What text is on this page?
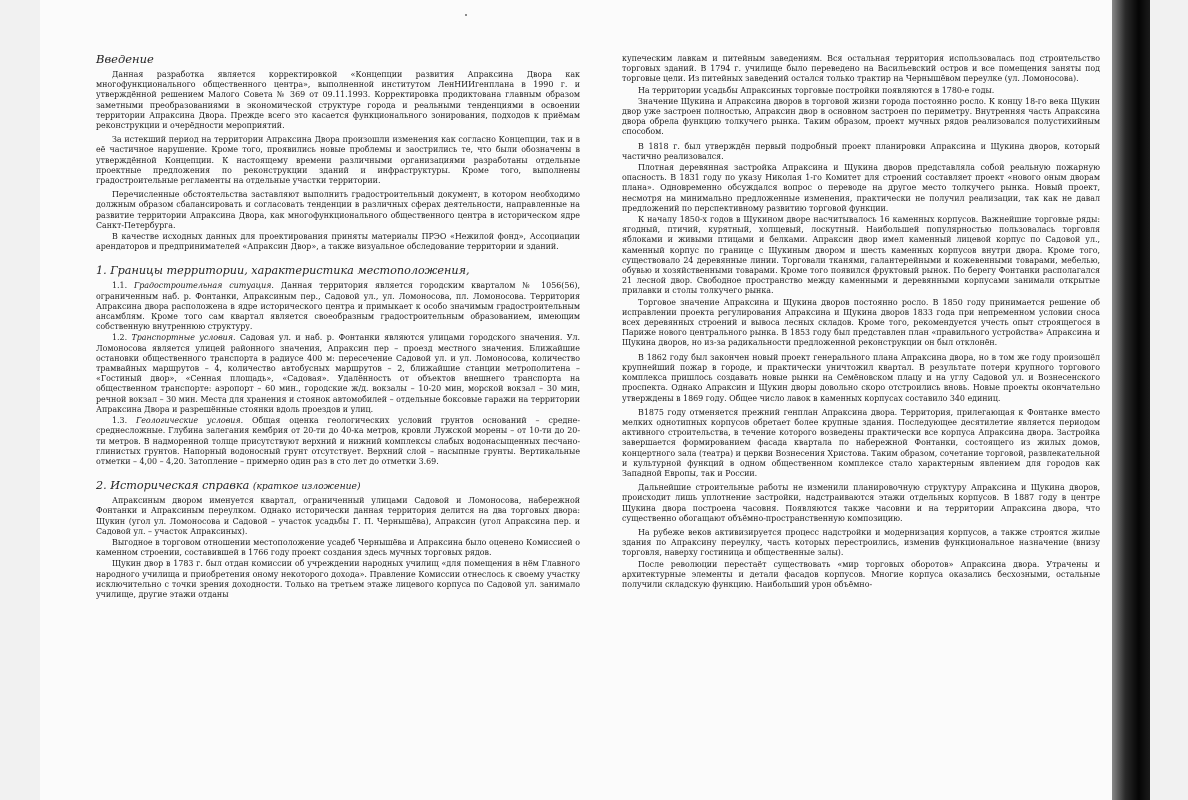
Введение

Данная разработка является корректировкой «Концепции развития Апраксина Двора как многофункционального общественного центра», выполненной институтом ЛенНИИгенплана в 1990 г. и утверждённой решением Малого Совета № 369 от 09.11.1993. Корректировка продиктована главным образом заметными преобразованиями в экономической структуре города и реальными тенденциями в освоении территории Апраксина Двора. Прежде всего это касается функционального зонирования, подходов к приёмам реконструкции и очерёдности мероприятий.

За истекший период на территории Апраксина Двора произошли изменения как согласно Концепции, так и в её частичное нарушение. Кроме того, проявились новые проблемы и заострились те, что были обозначены в утверждённой Концепции. К настоящему времени различными организациями разработаны отдельные проектные предложения по реконструкции зданий и инфраструктуры. Кроме того, выполнены градостроительные регламенты на отдельные участки территории.

Перечисленные обстоятельства заставляют выполнить градостроительный документ, в котором необходимо должным образом сбалансировать и согласовать тенденции в различных сферах деятельности, направленные на развитие территории Апраксина Двора, как многофункционального общественного центра в историческом ядре Санкт-Петербурга.

В качестве исходных данных для проектирования приняты материалы ПРЭО «Нежилой фонд», Ассоциации арендаторов и предпринимателей «Апраксин Двор», а также визуальное обследование территории и зданий.

1. Границы территории, характеристика местоположения,

1.1. Градостроительная ситуация. Данная территория является городским кварталом № 1056(56), ограниченным наб. р. Фонтанки, Апраксиным пер., Садовой ул., ул. Ломоносова, пл. Ломоносова. Территория Апраксина двора расположена в ядре исторического центра и примыкает к особо значимым градостроительным ансамблям. Кроме того сам квартал является своеобразным градостроительным образованием, имеющим собственную внутреннюю структуру.

1.2. Транспортные условия. Садовая ул. и наб. р. Фонтанки являются улицами городского значения. Ул. Ломоносова является улицей районного значения, Апраксин пер – проезд местного значения. Ближайшие остановки общественного транспорта в радиусе 400 м: пересечение Садовой ул. и ул. Ломоносова, количество трамвайных маршрутов – 4, количество автобусных маршрутов – 2, ближайшие станции метрополитена – «Гостиный двор», «Сенная площадь», «Садовая». Удалённость от объектов внешнего транспорта на общественном транспорте: аэропорт – 60 мин., городские ж/д. вокзалы – 10-20 мин, морской вокзал – 30 мин, речной вокзал – 30 мин. Места для хранения и стоянок автомобилей – отдельные боксовые гаражи на территории Апраксина Двора и разрешённые стоянки вдоль проездов и улиц.

1.3. Геологические условия. Общая оценка геологических условий грунтов оснований – средне-среднесложные. Глубина залегания кембрия от 20-ти до 40-ка метров, кровли Лужской морены – от 10-ти до 20-ти метров. В надморенной толще присутствуют верхний и нижний комплексы слабых водонасыщенных песчано-глинистых грунтов. Напорный водоносный грунт отсутствует. Верхний слой – насыпные грунты. Вертикальные отметки – 4,00 – 4,20. Затопление – примерно один раз в сто лет до отметки 3.69.

2. Историческая справка (краткое изложение)

Апраксиным двором именуется квартал, ограниченный улицами Садовой и Ломоносова, набережной Фонтанки и Апраксиным переулком. Однако исторически данная территория делится на два торговых двора: Щукин (угол ул. Ломоносова и Садовой – участок усадьбы Г. П. Чернышёва), Апраксин (угол Апраксина пер. и Садовой ул. – участок Апраксиных).

Выгодное в торговом отношении местоположение усадеб Чернышёва и Апраксина было оценено Комиссией о каменном строении, составившей в 1766 году проект создания здесь мучных торговых рядов.

Щукин двор в 1783 г. был отдан комиссии об учреждении народных училищ «для помещения в нём Главного народного училища и приобретения оному некоторого дохода». Правление Комиссии отнеслось к своему участку исключительно с точки зрения доходности. Только на третьем этаже лицевого корпуса по Садовой ул. занимало училище, другие этажи отданы

купеческим лавкам и питейным заведениям. Вся остальная территория использовалась под строительство торговых зданий. В 1794 г. училище было переведено на Васильевский остров и все помещения заняты под торговые цели. Из питейных заведений остался только трактир на Чернышёвом переулке (ул. Ломоносова).

На территории усадьбы Апраксиных торговые постройки появляются в 1780-е годы.

Значение Щукина и Апраксина дворов в торговой жизни города постоянно росло. К концу 18-го века Щукин двор уже застроен полностью, Апраксин двор в основном застроен по периметру. Внутренняя часть Апраксина двора обрела функцию толкучего рынка. Таким образом, проект мучных рядов реализовался полустихийным способом.

В 1818 г. был утверждён первый подробный проект планировки Апраксина и Щукина дворов, который частично реализовался.

Плотная деревянная застройка Апраксина и Щукина дворов представляла собой реальную пожарную опасность. В 1831 году по указу Николая 1-го Комитет для строений составляет проект «нового оным дворам плана». Одновременно обсуждался вопрос о переводе на другое место толкучего рынка. Новый проект, несмотря на минимально предложенные изменения, практически не получил реализации, так как не давал предложений по перспективному развитию торговой функции.

К началу 1850-х годов в Щукином дворе насчитывалось 16 каменных корпусов. Важнейшие торговые ряды: ягодный, птичий, курятный, холщевый, лоскутный. Наибольшей популярностью пользовалась торговля яблоками и живыми птицами и белками. Апраксин двор имел каменный лицевой корпус по Садовой ул., каменный корпус по границе с Щукиным двором и шесть каменных корпусов внутри двора. Кроме того, существовало 24 деревянные линии. Торговали тканями, галантерейными и кожевенными товарами, мебелью, обувью и хозяйственными товарами. Кроме того появился фруктовый рынок. По берегу Фонтанки располагался 21 лесной двор. Свободное пространство между каменными и деревянными корпусами занимали открытые прилавки и столы толкучего рынка.

Торговое значение Апраксина и Щукина дворов постоянно росло. В 1850 году принимается решение об исправлении проекта регулирования Апраксина и Щукина дворов 1833 года при непременном условии сноса всех деревянных строений и вывоса лесных складов. Кроме того, рекомендуется учесть опыт строящегося в Париже нового центрального рынка. В 1853 году был представлен план «правильного устройства» Апраксина и Щукина дворов, но из-за радикальности предложенной реконструкции он был отклонён.

В 1862 году был закончен новый проект генерального плана Апраксина двора, но в том же году произошёл крупнейший пожар в городе, и практически уничтожил квартал. В результате потери крупного торгового комплекса пришлось создавать новые рынки на Семёновском плацу и на углу Садовой ул. и Вознесенского проспекта. Однако Апраксин и Щукин дворы довольно скоро отстроились вновь. Новые проекты окончательно утверждены в 1869 году. Общее число лавок в каменных корпусах составило 340 единиц.

В1875 году отменяется прежний генплан Апраксина двора. Территория, прилегающая к Фонтанке вместо мелких однотипных корпусов обретает более крупные здания. Последующее десятилетие является периодом активного строительства, в течение которого возведены практически все корпуса Апраксина двора. Застройка завершается формированием фасада квартала по набережной Фонтанки, состоящего из жилых домов, концертного зала (театра) и церкви Вознесения Христова. Таким образом, сочетание торговой, развлекательной и культурной функций в одном общественном комплексе стало характерным явлением для городов как Западной Европы, так и России.

Дальнейшие строительные работы не изменили планировочную структуру Апраксина и Щукина дворов, происходит лишь уплотнение застройки, надстраиваются этажи отдельных корпусов. В 1887 году в центре Щукина двора построена часовня. Появляются также часовни и на территории Апраксина двора, что существенно обогащают объёмно-пространственную композицию.

На рубеже веков активизируется процесс надстройки и модернизация корпусов, а также строятся жилые здания по Апраксину переулку, часть которых перестроились, изменив функциональное назначение (внизу торговля, наверху гостиница и общественные залы).

После революции перестаёт существовать «мир торговых оборотов» Апраксина двора. Утрачены и архитектурные элементы и детали фасадов корпусов. Многие корпуса оказались бесхозными, остальные получили складскую функцию. Наибольший урон объёмно-
